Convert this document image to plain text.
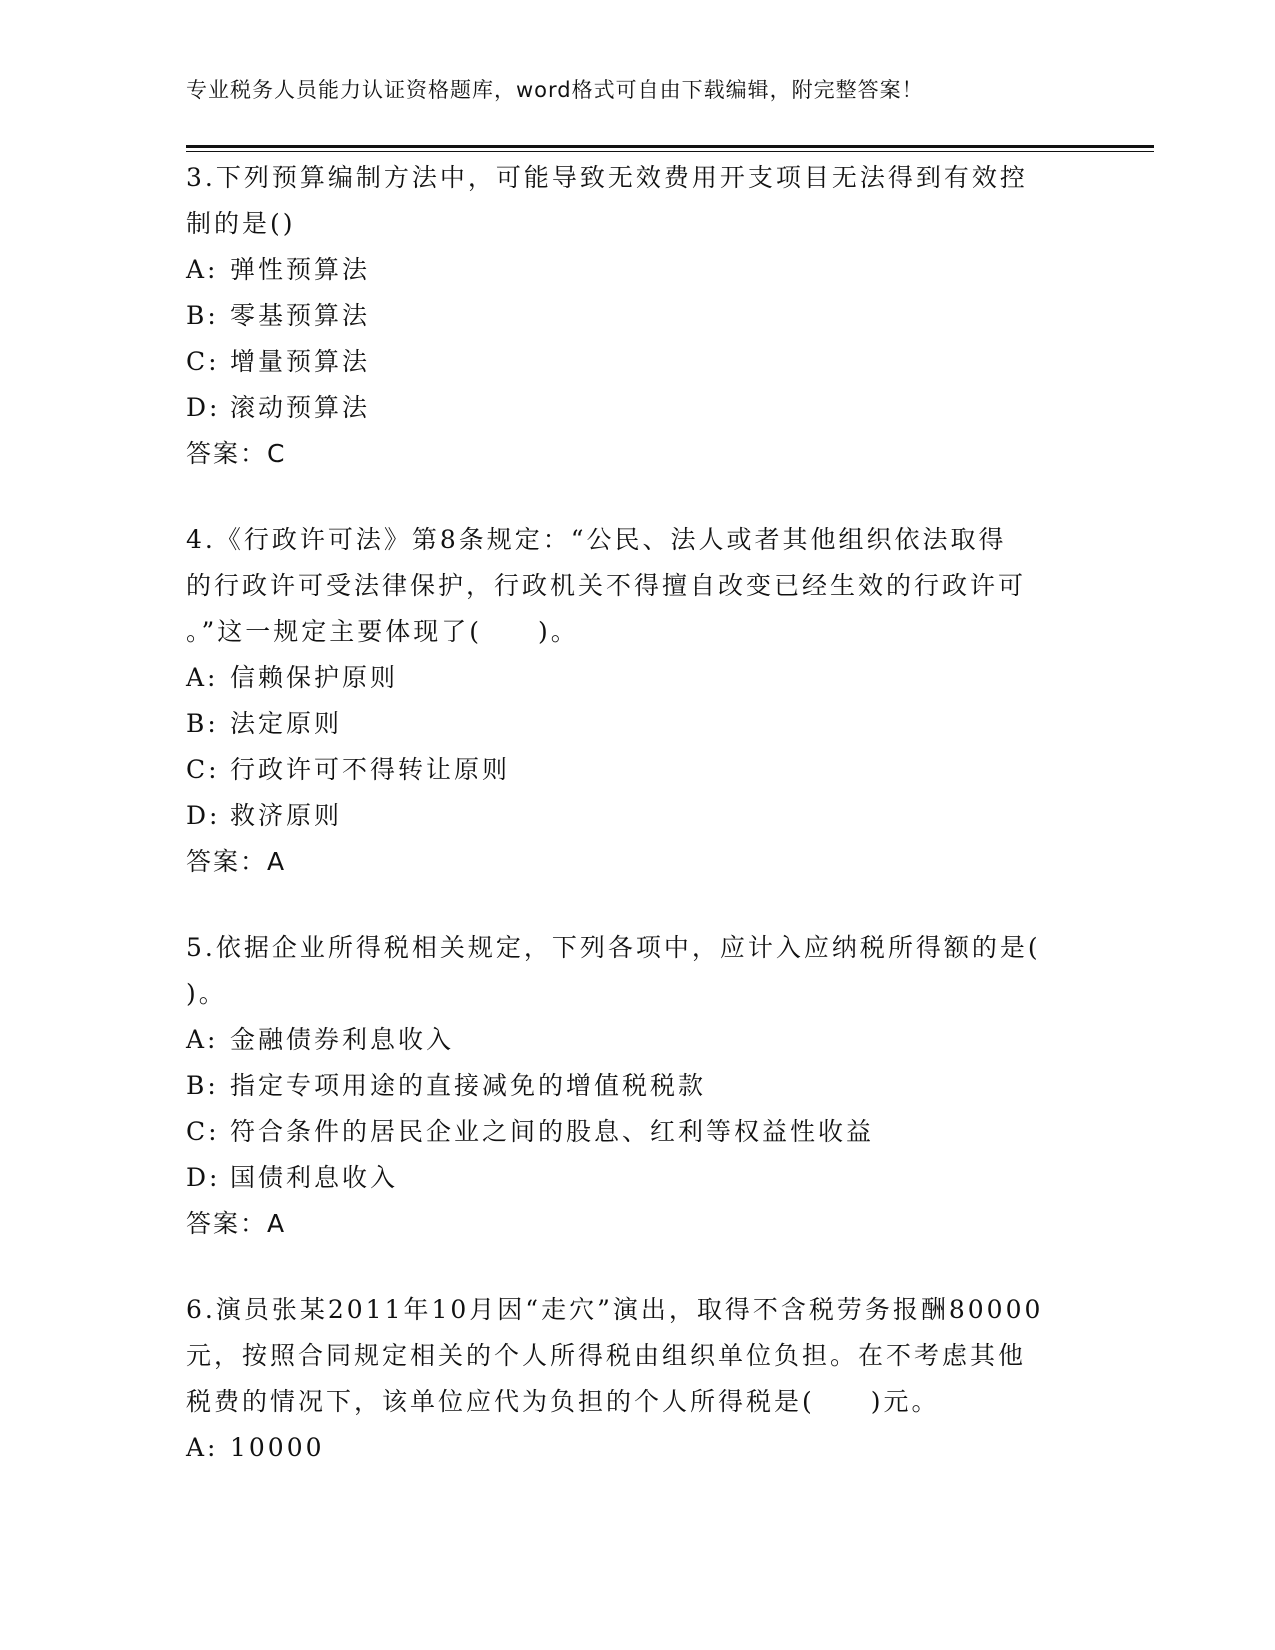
专业税务人员能力认证资格题库，word格式可自由下载编辑，附完整答案！
3.下列预算编制方法中，可能导致无效费用开支项目无法得到有效控
制的是()
A: 弹性预算法
B: 零基预算法
C: 增量预算法
D: 滚动预算法
答案：C
4.《行政许可法》第8条规定：“公民、法人或者其他组织依法取得
的行政许可受法律保护，行政机关不得擅自改变已经生效的行政许可
。”这一规定主要体现了(　　)。
A: 信赖保护原则
B: 法定原则
C: 行政许可不得转让原则
D: 救济原则
答案：A
5.依据企业所得税相关规定，下列各项中，应计入应纳税所得额的是(
)。
A: 金融债券利息收入
B: 指定专项用途的直接减免的增值税税款
C: 符合条件的居民企业之间的股息、红利等权益性收益
D: 国债利息收入
答案：A
6.演员张某2011年10月因“走穴”演出，取得不含税劳务报酬80000
元，按照合同规定相关的个人所得税由组织单位负担。在不考虑其他
税费的情况下，该单位应代为负担的个人所得税是(　　)元。
A: 10000
